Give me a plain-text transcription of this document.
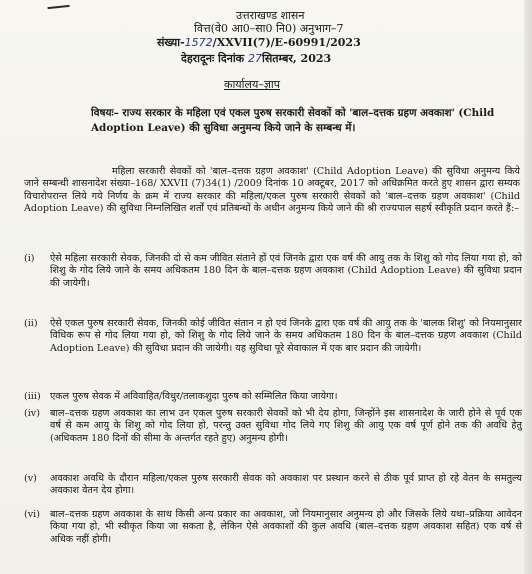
उत्तराखण्ड शासन
वित्त(वे0 आ0–सा0 नि0) अनुभाग–7
संख्या-1572/XXVII(7)/E-60991/2023
देहरादूनः दिनांक 27सितम्बर, 2023
कार्यालय–ज्ञाप
विषयः– राज्य सरकार के महिला एवं एकल पुरुष सरकारी सेवकों को 'बाल–दत्तक ग्रहण अवकाश' (Child Adoption Leave) की सुविधा अनुमन्य किये जाने के सम्बन्ध में।
महिला सरकारी सेवकों को 'बाल–दत्तक ग्रहण अवकाश' (Child Adoption Leave) की सुविधा अनुमन्य किये जाने सम्बन्धी शासनादेश संख्या–168/ XXVII (7)34(1) /2009 दिनांक 10 अक्टूबर, 2017 को अधिक्रमित करते हुए शासन द्वारा सम्यक विचारोपरान्त लिये गये निर्णय के क्रम में राज्य सरकार की महिला/एकल पुरुष सरकारी सेवकों को 'बाल–दत्तक ग्रहण अवकाश' (Child Adoption Leave) की सुविधा निम्नलिखित शर्तों एवं प्रतिबन्धों के अधीन अनुमन्य किये जाने की श्री राज्यपाल सहर्ष स्वीकृति प्रदान करते हैं:–
(i)	ऐसे महिला सरकारी सेवक, जिनकी दो से कम जीवित संताने हों एवं जिनके द्वारा एक वर्ष की आयु तक के शिशु को गोद लिया गया हो, को शिशु के गोद लिये जाने के समय अधिकतम 180 दिन के बाल–दत्तक ग्रहण अवकाश (Child Adoption Leave) की सुविधा प्रदान की जायेगी।
(ii)	ऐसे एकल पुरुष सरकारी सेवक, जिनकी कोई जीवित संतान न हो एवं जिनके द्वारा एक वर्ष की आयु तक के 'बालक शिशु' को नियमानुसार विधिक रूप से गोद लिया गया हो, को शिशु के गोद लिये जाने के समय अधिकतम 180 दिन के बाल–दत्तक ग्रहण अवकाश (Child Adoption Leave) की सुविधा प्रदान की जायेगी। यह सुविधा पूरे सेवाकाल में एक बार प्रदान की जायेगी।
(iii) एकल पुरुष सेवक में अविवाहित/विधुर/तलाकशुदा पुरुष को सम्मिलित किया जायेगा।
(iv)	बाल–दत्तक ग्रहण अवकाश का लाभ उन एकल पुरुष सरकारी सेवकों को भी देय होगा, जिन्होंने इस शासनादेश के जारी होने से पूर्व एक वर्ष से कम आयु के शिशु को गोद लिया हो, परन्तु उक्त सुविधा गोद लिये गए शिशु की आयु एक वर्ष पूर्ण होने तक की अवधि हेतु (अधिकतम 180 दिनों की सीमा के अन्तर्गत रहते हुए) अनुमन्य होगी।
(v)	अवकाश अवधि के दौरान महिला/एकल पुरुष सरकारी सेवक को अवकाश पर प्रस्थान करने से ठीक पूर्व प्राप्त हो रहे वेतन के समतुल्य अवकाश वेतन देय होगा।
(vi)	बाल–दत्तक ग्रहण अवकाश के साथ किसी अन्य प्रकार का अवकाश, जो नियमानुसार अनुमन्य हो और जिसके लिये यथा–प्रक्रिया आवेदन किया गया हो, भी स्वीकृत किया जा सकता है, लेकिन ऐसे अवकाशों की कुल अवधि (बाल–दत्तक ग्रहण अवकाश सहित) एक वर्ष से अधिक नहीं होगी।
